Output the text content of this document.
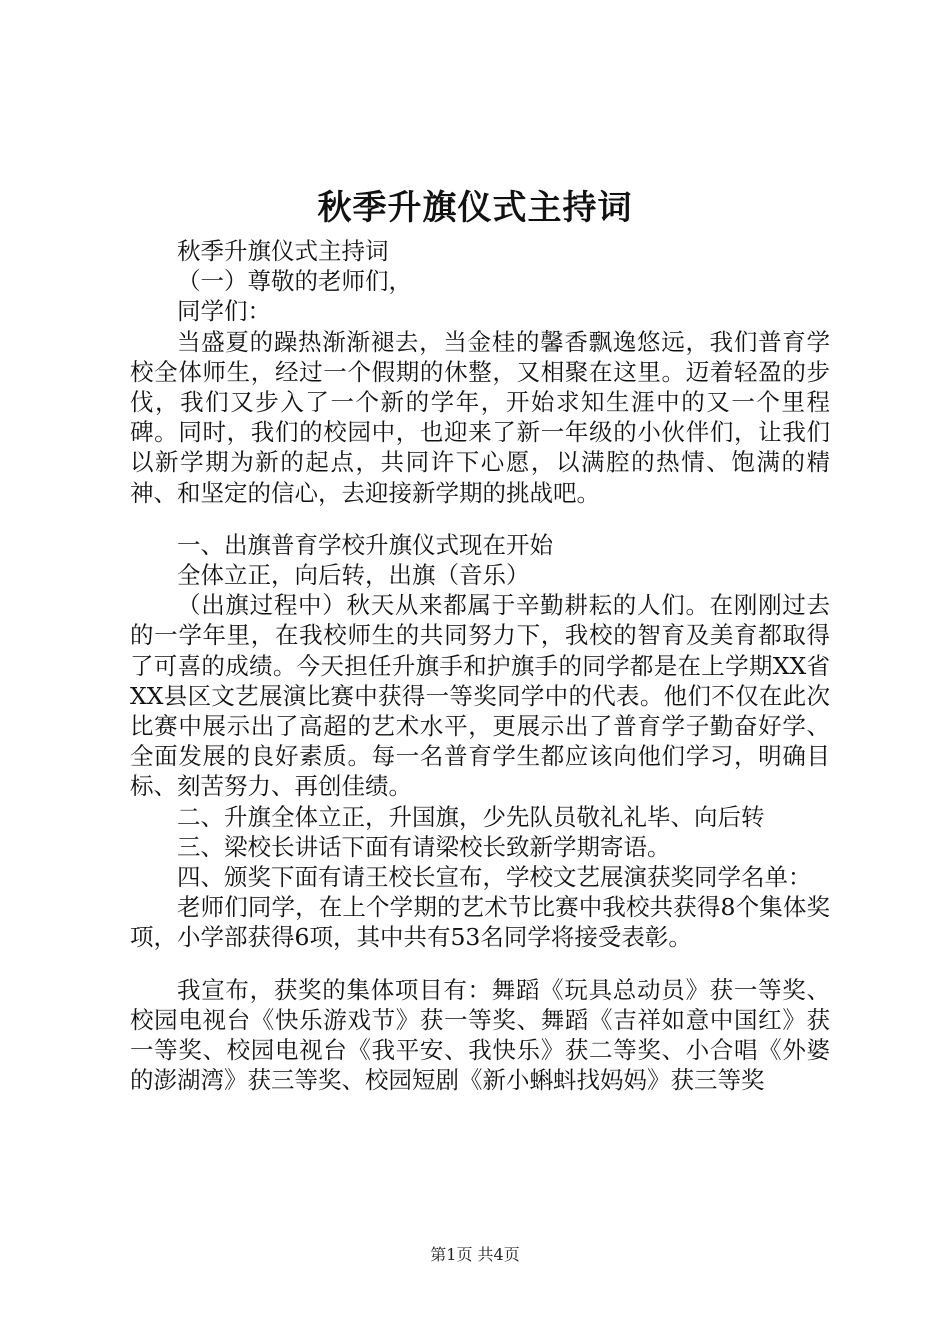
秋季升旗仪式主持词

秋季升旗仪式主持词

（一）尊敬的老师们，

同学们：

当盛夏的躁热渐渐褪去，当金桂的馨香飘逸悠远，我们普育学校全体师生，经过一个假期的休整，又相聚在这里。迈着轻盈的步伐，我们又步入了一个新的学年，开始求知生涯中的又一个里程碑。同时，我们的校园中，也迎来了新一年级的小伙伴们，让我们以新学期为新的起点，共同许下心愿，以满腔的热情、饱满的精神、和坚定的信心，去迎接新学期的挑战吧。

一、出旗普育学校升旗仪式现在开始

全体立正，向后转，出旗（音乐）

（出旗过程中）秋天从来都属于辛勤耕耘的人们。在刚刚过去的一学年里，在我校师生的共同努力下，我校的智育及美育都取得了可喜的成绩。今天担任升旗手和护旗手的同学都是在上学期XX省XX县区文艺展演比赛中获得一等奖同学中的代表。他们不仅在此次比赛中展示出了高超的艺术水平，更展示出了普育学子勤奋好学、全面发展的良好素质。每一名普育学生都应该向他们学习，明确目标、刻苦努力、再创佳绩。

二、升旗全体立正，升国旗，少先队员敬礼礼毕、向后转

三、梁校长讲话下面有请梁校长致新学期寄语。

四、颁奖下面有请王校长宣布，学校文艺展演获奖同学名单：

老师们同学，在上个学期的艺术节比赛中我校共获得8个集体奖项，小学部获得6项，其中共有53名同学将接受表彰。

我宣布，获奖的集体项目有：舞蹈《玩具总动员》获一等奖、校园电视台《快乐游戏节》获一等奖、舞蹈《吉祥如意中国红》获一等奖、校园电视台《我平安、我快乐》获二等奖、小合唱《外婆的澎湖湾》获三等奖、校园短剧《新小蝌蚪找妈妈》获三等奖

第1页 共4页
